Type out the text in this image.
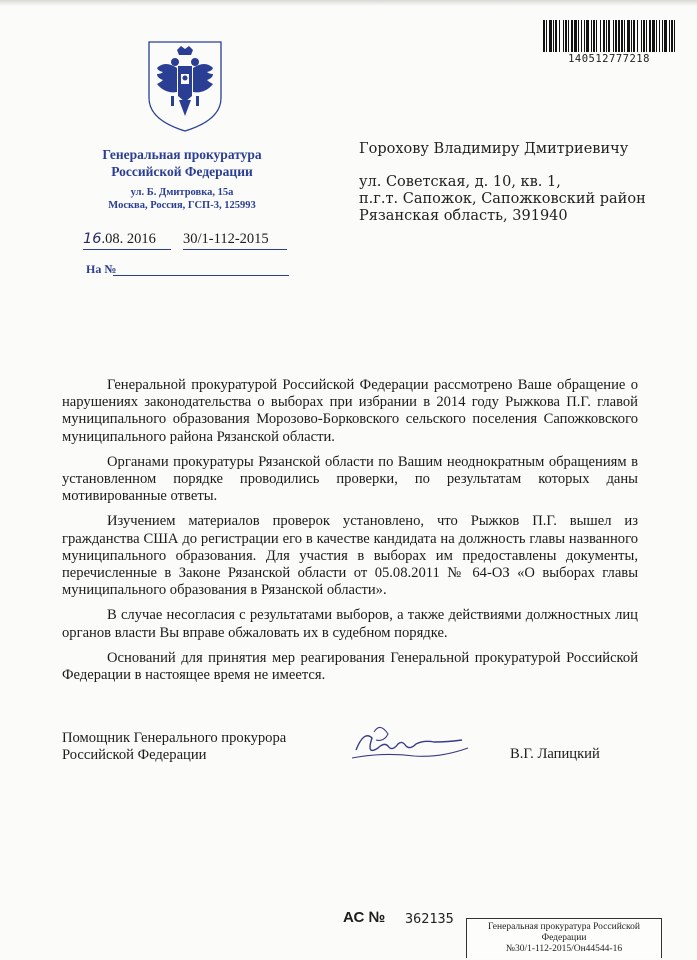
140512777218
Генеральная прокуратура
Российской Федерации
ул. Б. Дмитровка, 15а
Москва, Россия, ГСП-3, 125993
16.08. 2016	30/1-112-2015
На №
Горохову Владимиру Дмитриевичу
ул. Советская, д. 10, кв. 1,
п.г.т. Сапожок, Сапожковский район
Рязанская область, 391940

Генеральной прокуратурой Российской Федерации рассмотрено Ваше обращение о нарушениях законодательства о выборах при избрании в 2014 году Рыжкова П.Г. главой муниципального образования Морозово-Борковского сельского поселения Сапожковского муниципального района Рязанской области.

Органами прокуратуры Рязанской области по Вашим неоднократным обращениям в установленном порядке проводились проверки, по результатам которых даны мотивированные ответы.

Изучением материалов проверок установлено, что Рыжков П.Г. вышел из гражданства США до регистрации его в качестве кандидата на должность главы названного муниципального образования. Для участия в выборах им предоставлены документы, перечисленные в Законе Рязанской области от 05.08.2011 № 64-ОЗ «О выборах главы муниципального образования в Рязанской области».

В случае несогласия с результатами выборов, а также действиями должностных лиц органов власти Вы вправе обжаловать их в судебном порядке.

Оснований для принятия мер реагирования Генеральной прокуратурой Российской Федерации в настоящее время не имеется.

Помощник Генерального прокурора
Российской Федерации	В.Г. Лапицкий
АС № 362135	Генеральная прокуратура Российской
Федерации
№30/1-112-2015/Он44544-16
